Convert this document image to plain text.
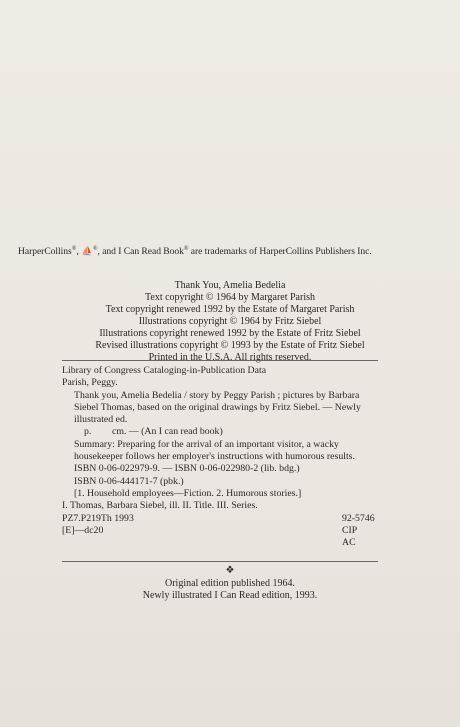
HarperCollins®, ⛵®, and I Can Read Book® are trademarks of HarperCollins Publishers Inc.
Thank You, Amelia Bedelia
Text copyright © 1964 by Margaret Parish
Text copyright renewed 1992 by the Estate of Margaret Parish
Illustrations copyright © 1964 by Fritz Siebel
Illustrations copyright renewed 1992 by the Estate of Fritz Siebel
Revised illustrations copyright © 1993 by the Estate of Fritz Siebel
Printed in the U.S.A. All rights reserved.
Library of Congress Cataloging-in-Publication Data
Parish, Peggy.
Thank you, Amelia Bedelia / story by Peggy Parish ; pictures by Barbara Siebel Thomas, based on the original drawings by Fritz Siebel. — Newly illustrated ed.
p. cm. — (An I can read book)
Summary: Preparing for the arrival of an important visitor, a wacky housekeeper follows her employer's instructions with humorous results.
ISBN 0-06-022979-9. — ISBN 0-06-022980-2 (lib. bdg.)
ISBN 0-06-444171-7 (pbk.)
[1. Household employees—Fiction. 2. Humorous stories.]
I. Thomas, Barbara Siebel, ill. II. Title. III. Series.
PZ7.P219Th 1993	92-5746
[E]—dc20	CIP
AC
❖
Original edition published 1964.
Newly illustrated I Can Read edition, 1993.
